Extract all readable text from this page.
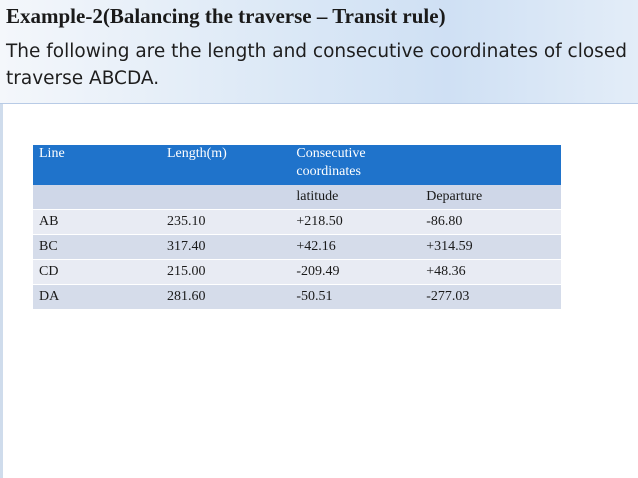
Example-2(Balancing the traverse – Transit rule)
The following are the length and consecutive coordinates of closed traverse ABCDA.
Line	Length(m)	Consecutive coordinates	
		latitude	Departure
AB	235.10	+218.50	-86.80
BC	317.40	+42.16	+314.59
CD	215.00	-209.49	+48.36
DA	281.60	-50.51	-277.03
